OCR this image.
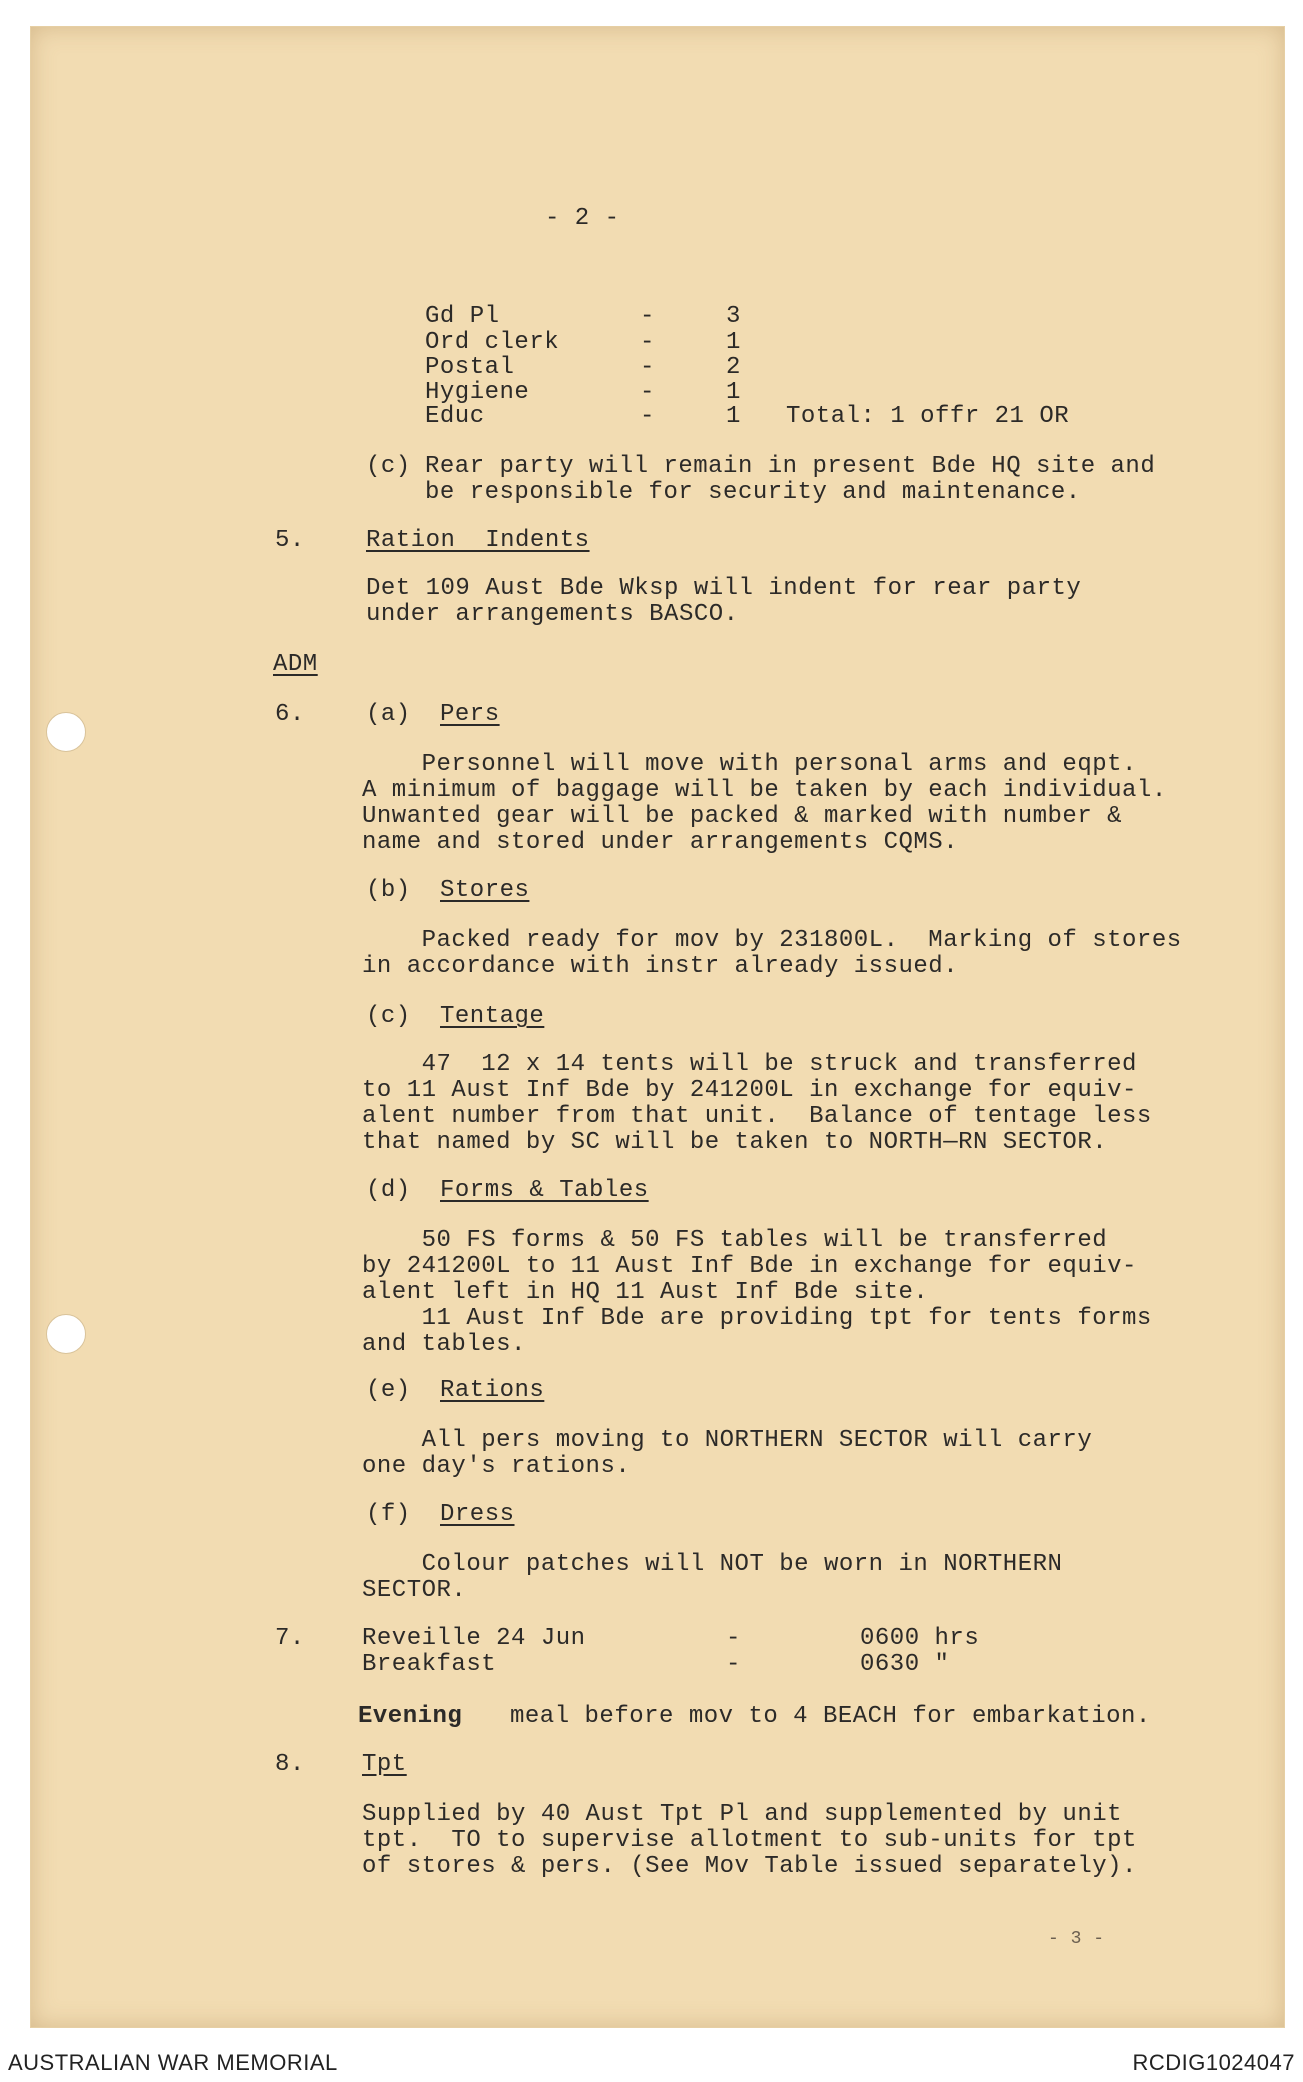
- 2 -
Gd Pl	-	3
Ord clerk	-	1
Postal	-	2
Hygiene	-	1
Educ	-	1 Total: 1 offr 21 OR
(c) Rear party will remain in present Bde HQ site and
be responsible for security and maintenance.
5.	Ration  Indents
Det 109 Aust Bde Wksp will indent for rear party
under arrangements BASCO.
ADM
6.	(a) Pers
Personnel will move with personal arms and eqpt.
A minimum of baggage will be taken by each individual.
Unwanted gear will be packed & marked with number &
name and stored under arrangements CQMS.
(b) Stores
Packed ready for mov by 231800L.  Marking of stores
in accordance with instr already issued.
(c) Tentage
47  12 x 14 tents will be struck and transferred
to 11 Aust Inf Bde by 241200L in exchange for equiv-
alent number from that unit.  Balance of tentage less
that named by SC will be taken to NORTH—RN SECTOR.
(d) Forms & Tables
50 FS forms & 50 FS tables will be transferred
by 241200L to 11 Aust Inf Bde in exchange for equiv-
alent left in HQ 11 Aust Inf Bde site.
11 Aust Inf Bde are providing tpt for tents forms
and tables.
(e) Rations
All pers moving to NORTHERN SECTOR will carry
one day's rations.
(f) Dress
Colour patches will NOT be worn in NORTHERN
SECTOR.
7. Reveille 24 Jun	-	0600 hrs
Breakfast	-	0630 "
Evening meal before mov to 4 BEACH for embarkation.
8. Tpt
Supplied by 40 Aust Tpt Pl and supplemented by unit
tpt.  TO to supervise allotment to sub-units for tpt
of stores & pers. (See Mov Table issued separately).
- 3 -
AUSTRALIAN WAR MEMORIAL	RCDIG1024047
